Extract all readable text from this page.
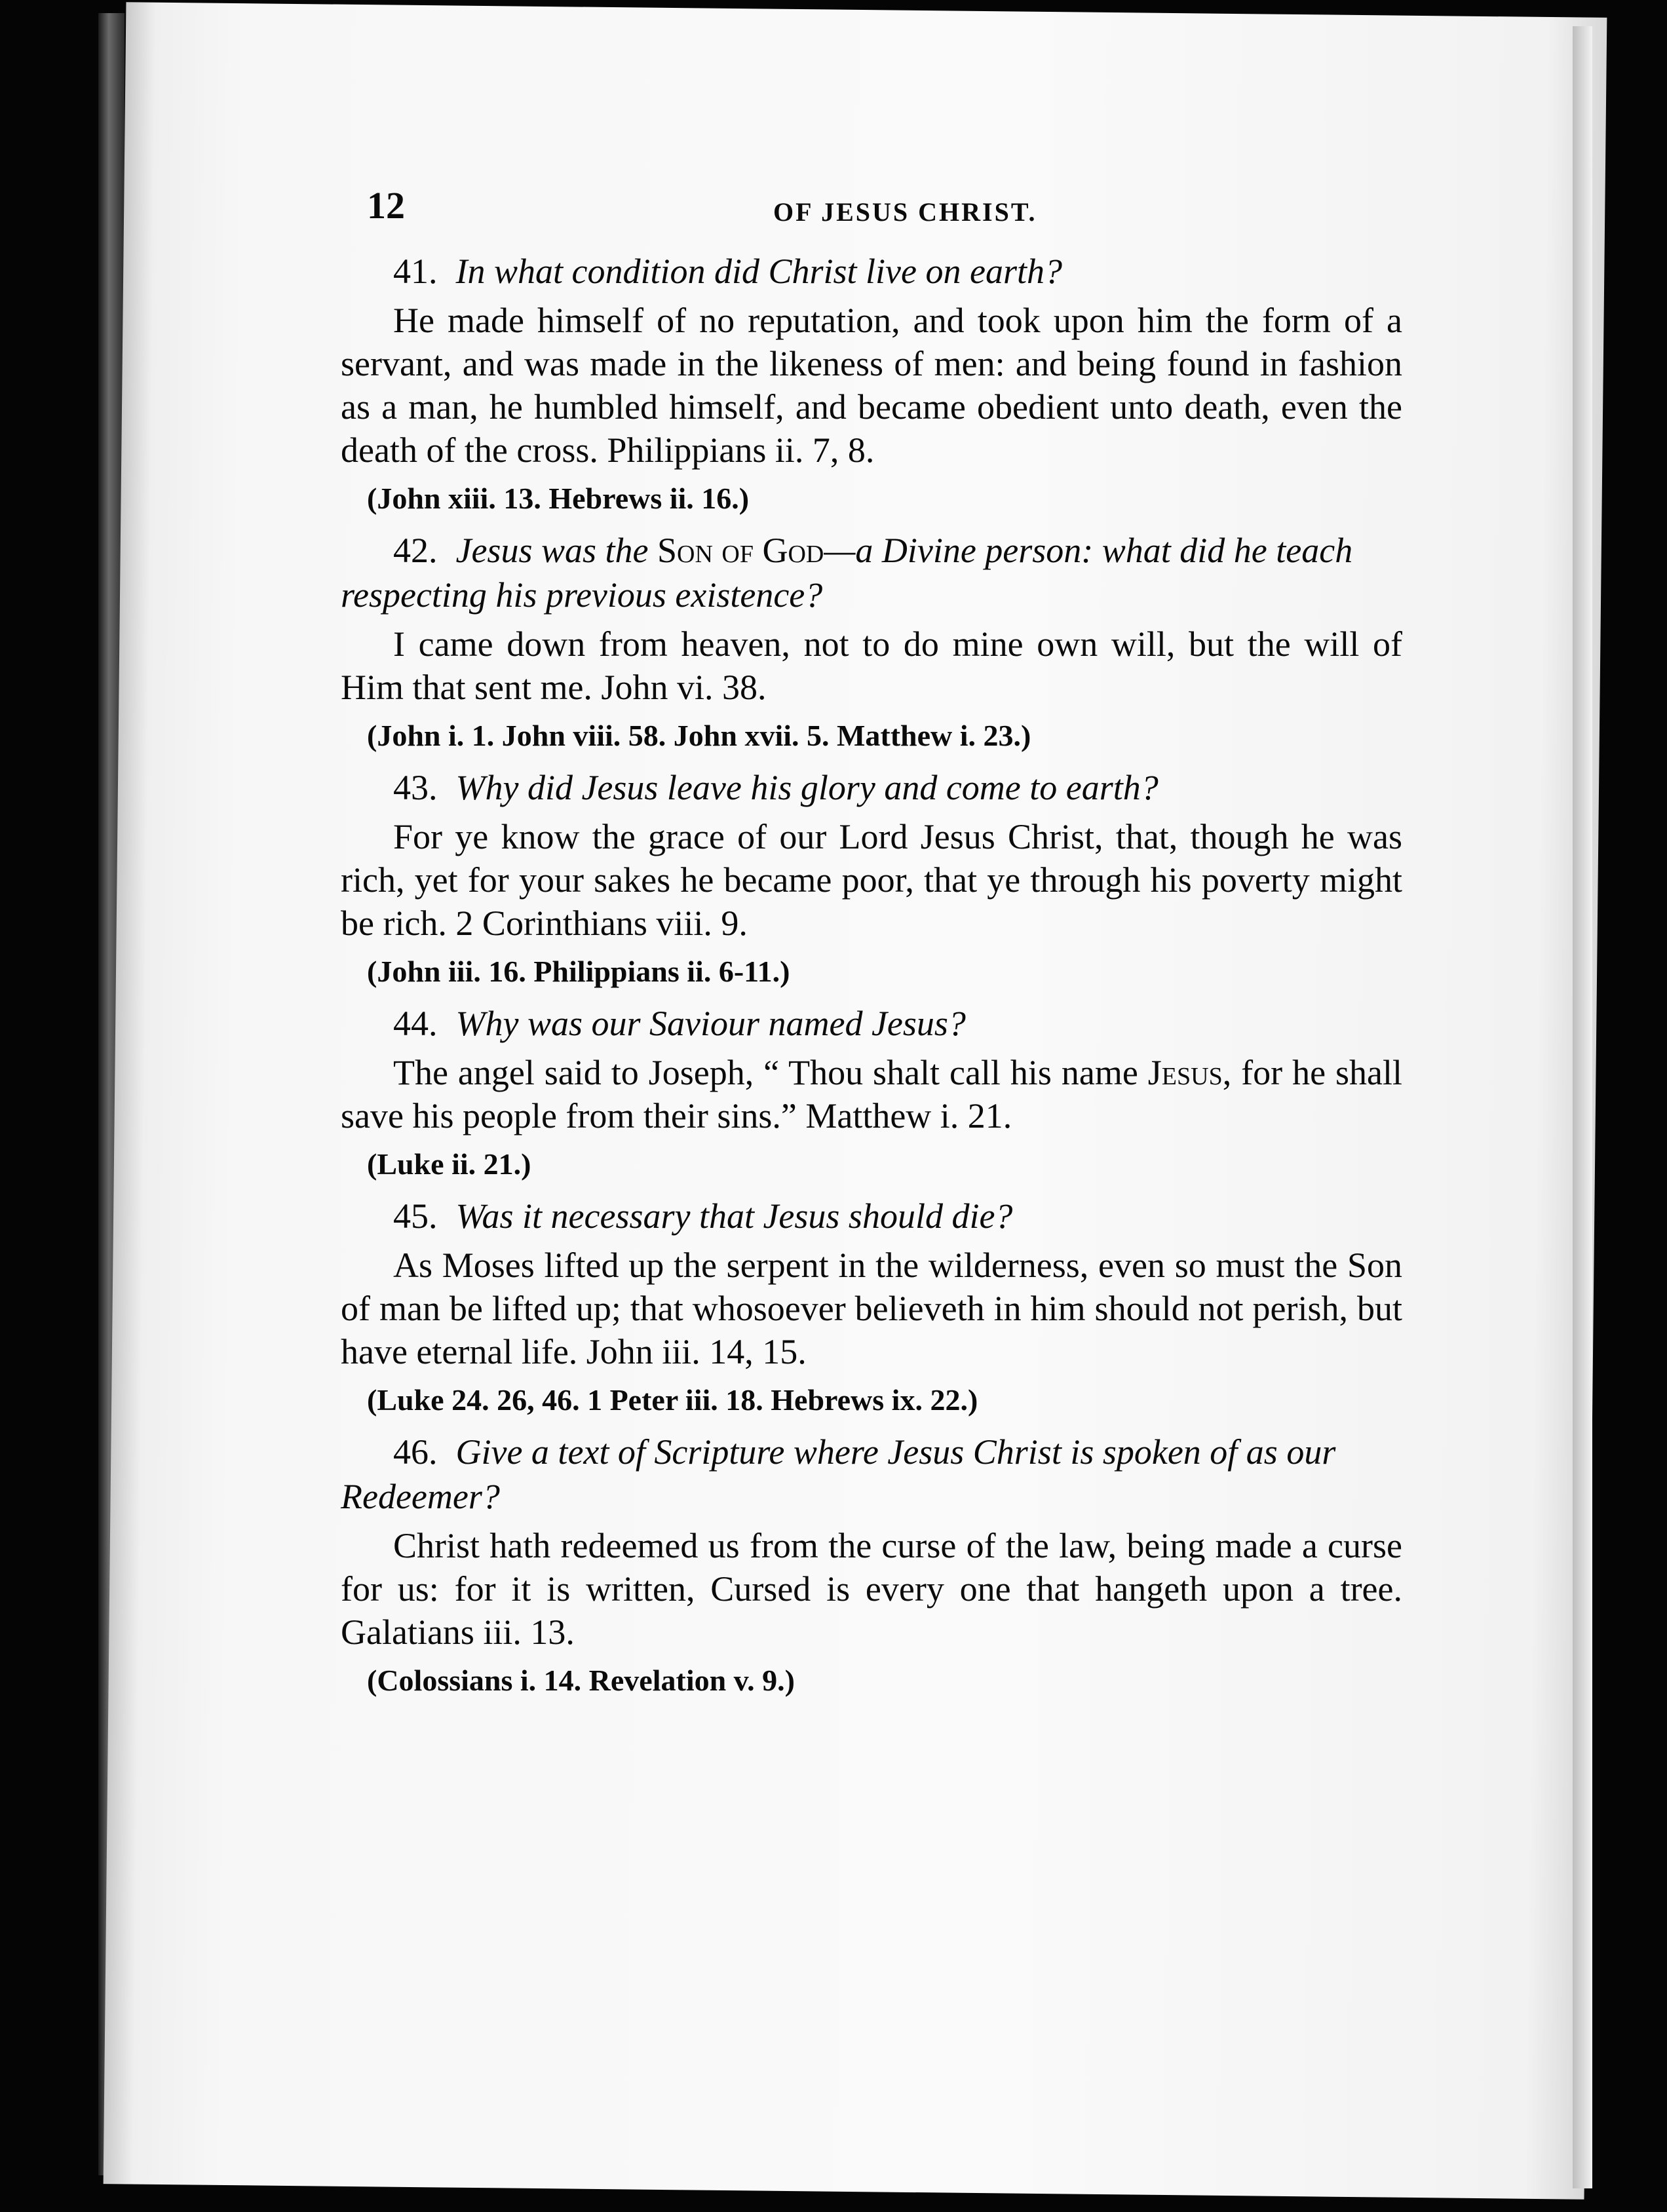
12	OF JESUS CHRIST.

41. In what condition did Christ live on earth?

He made himself of no reputation, and took upon him the form of a servant, and was made in the likeness of men: and being found in fashion as a man, he humbled himself, and became obedient unto death, even the death of the cross. Philippians ii. 7, 8.

(John xiii. 13. Hebrews ii. 16.)

42. Jesus was the Son of God—a Divine person: what did he teach respecting his previous existence?

I came down from heaven, not to do mine own will, but the will of Him that sent me. John vi. 38.

(John i. 1. John viii. 58. John xvii. 5. Matthew i. 23.)

43. Why did Jesus leave his glory and come to earth?

For ye know the grace of our Lord Jesus Christ, that, though he was rich, yet for your sakes he became poor, that ye through his poverty might be rich. 2 Corinthians viii. 9.

(John iii. 16. Philippians ii. 6-11.)

44. Why was our Saviour named Jesus?

The angel said to Joseph, “ Thou shalt call his name Jesus, for he shall save his people from their sins.” Matthew i. 21.

(Luke ii. 21.)

45. Was it necessary that Jesus should die?

As Moses lifted up the serpent in the wilderness, even so must the Son of man be lifted up; that whosoever believeth in him should not perish, but have eternal life. John iii. 14, 15.

(Luke 24. 26, 46. 1 Peter iii. 18. Hebrews ix. 22.)

46. Give a text of Scripture where Jesus Christ is spoken of as our Redeemer?

Christ hath redeemed us from the curse of the law, being made a curse for us: for it is written, Cursed is every one that hangeth upon a tree. Galatians iii. 13.

(Colossians i. 14. Revelation v. 9.)
